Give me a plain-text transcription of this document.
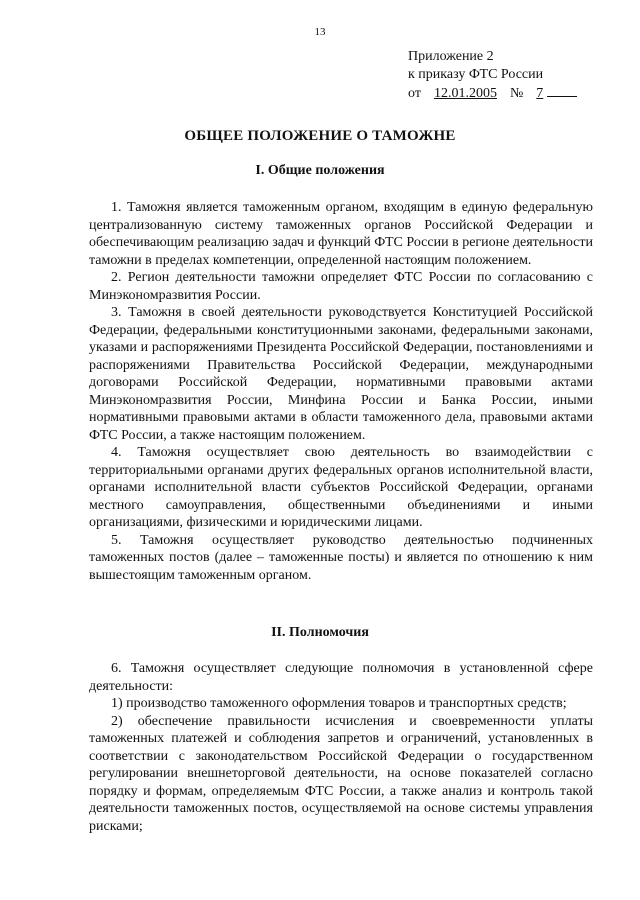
13
Приложение 2
к приказу ФТС России
от 12.01.2005 № 7
ОБЩЕЕ ПОЛОЖЕНИЕ О ТАМОЖНЕ
I. Общие положения

1. Таможня является таможенным органом, входящим в единую федеральную централизованную систему таможенных органов Российской Федерации и обеспечивающим реализацию задач и функций ФТС России в регионе деятельности таможни в пределах компетенции, определенной настоящим положением.

2. Регион деятельности таможни определяет ФТС России по согласованию с Минэкономразвития России.

3. Таможня в своей деятельности руководствуется Конституцией Российской Федерации, федеральными конституционными законами, федеральными законами, указами и распоряжениями Президента Российской Федерации, постановлениями и распоряжениями Правительства Российской Федерации, международными договорами Российской Федерации, нормативными правовыми актами Минэкономразвития России, Минфина России и Банка России, иными нормативными правовыми актами в области таможенного дела, правовыми актами ФТС России, а также настоящим положением.

4. Таможня осуществляет свою деятельность во взаимодействии с территориальными органами других федеральных органов исполнительной власти, органами исполнительной власти субъектов Российской Федерации, органами местного самоуправления, общественными объединениями и иными организациями, физическими и юридическими лицами.

5. Таможня осуществляет руководство деятельностью подчиненных таможенных постов (далее – таможенные посты) и является по отношению к ним вышестоящим таможенным органом.

II. Полномочия

6. Таможня осуществляет следующие полномочия в установленной сфере деятельности:

1) производство таможенного оформления товаров и транспортных средств;

2) обеспечение правильности исчисления и своевременности уплаты таможенных платежей и соблюдения запретов и ограничений, установленных в соответствии с законодательством Российской Федерации о государственном регулировании внешнеторговой деятельности, на основе показателей согласно порядку и формам, определяемым ФТС России, а также анализ и контроль такой деятельности таможенных постов, осуществляемой на основе системы управления рисками;
